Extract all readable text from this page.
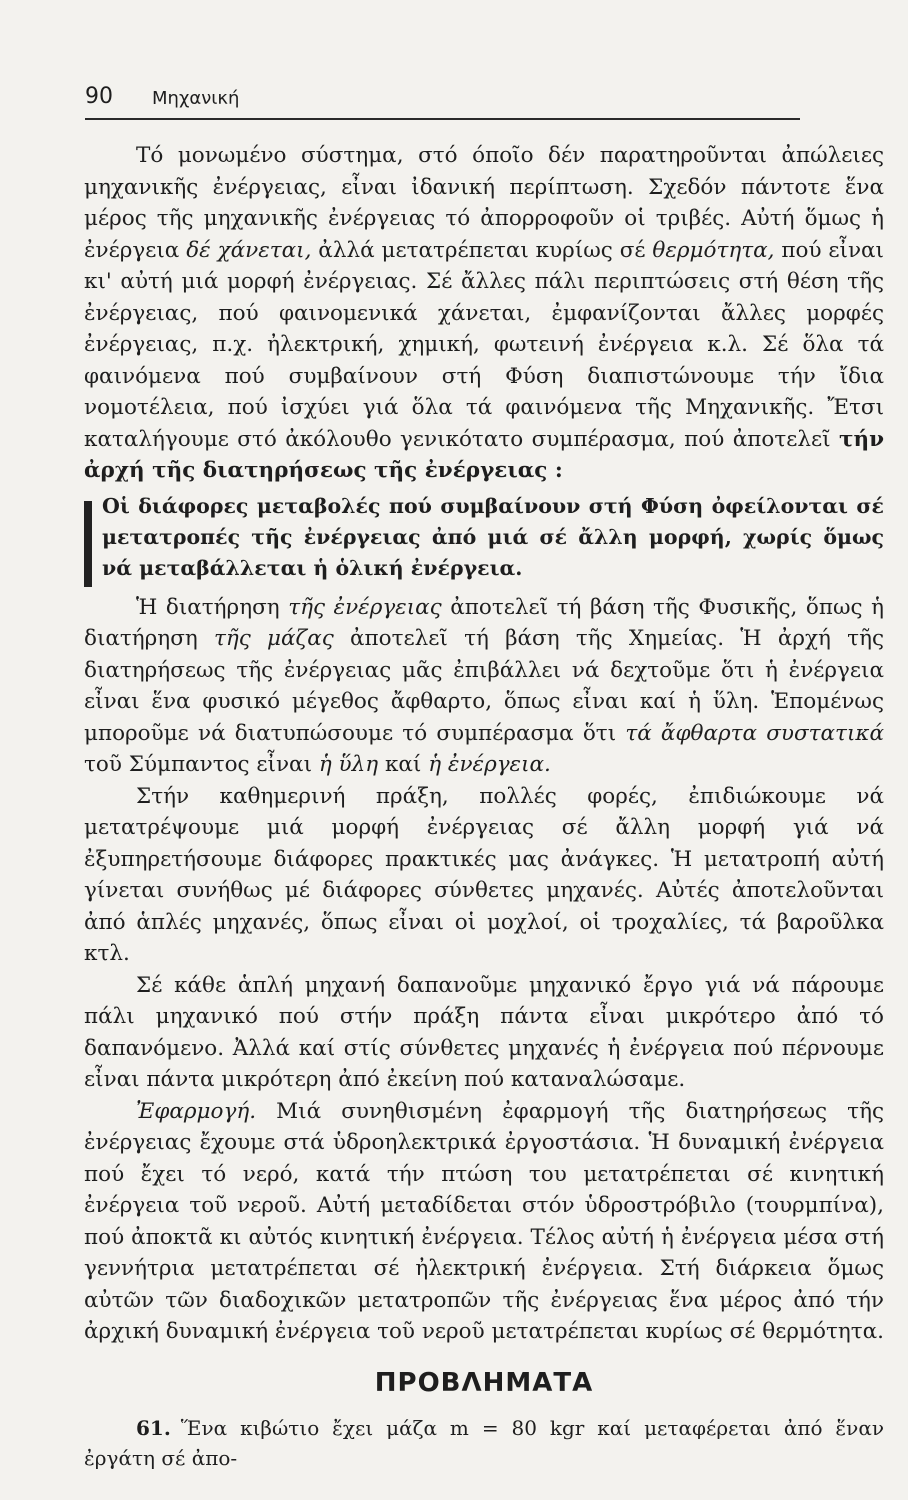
90 Μηχανική

Τό μονωμένο σύστημα, στό όποῖο δέν παρατηροῦνται ἀπώλειες μηχανικῆς ἐνέργειας, εἶναι ἰδανική περίπτωση. Σχεδόν πάντοτε ἕνα μέρος τῆς μηχανικῆς ἐνέργειας τό ἀπορροφοῦν οἱ τριβές. Αὐτή ὅμως ἡ ἐνέργεια δέ χάνεται, ἀλλά μετατρέπεται κυρίως σέ θερμότητα, πού εἶναι κι' αὐτή μιά μορφή ἐνέργειας. Σέ ἄλλες πάλι περιπτώσεις στή θέση τῆς ἐνέργειας, πού φαινομενικά χάνεται, ἐμφανίζονται ἄλλες μορφές ἐνέργειας, π.χ. ἠλεκτρική, χημική, φωτεινή ἐνέργεια κ.λ. Σέ ὅλα τά φαινόμενα πού συμβαίνουν στή Φύση διαπιστώνουμε τήν ἴδια νομοτέλεια, πού ἰσχύει γιά ὅλα τά φαινόμενα τῆς Μηχανικῆς. Ἔτσι καταλήγουμε στό ἀκόλουθο γενικότατο συμπέρασμα, πού ἀποτελεῖ τήν ἀρχή τῆς διατηρήσεως τῆς ἐνέργειας :

Οἱ διάφορες μεταβολές πού συμβαίνουν στή Φύση ὀφείλονται σέ μετατροπές τῆς ἐνέργειας ἀπό μιά σέ ἄλλη μορφή, χωρίς ὅμως νά μεταβάλλεται ἡ ὁλική ἐνέργεια.

Ἡ διατήρηση τῆς ἐνέργειας ἀποτελεῖ τή βάση τῆς Φυσικῆς, ὅπως ἡ διατήρηση τῆς μάζας ἀποτελεῖ τή βάση τῆς Χημείας. Ἡ ἀρχή τῆς διατηρήσεως τῆς ἐνέργειας μᾶς ἐπιβάλλει νά δεχτοῦμε ὅτι ἡ ἐνέργεια εἶναι ἕνα φυσικό μέγεθος ἄφθαρτο, ὅπως εἶναι καί ἡ ὕλη. Ἑπομένως μποροῦμε νά διατυπώσουμε τό συμπέρασμα ὅτι τά ἄφθαρτα συστατικά τοῦ Σύμπαντος εἶναι ἡ ὕλη καί ἡ ἐνέργεια.

Στήν καθημερινή πράξη, πολλές φορές, ἐπιδιώκουμε νά μετατρέψουμε μιά μορφή ἐνέργειας σέ ἄλλη μορφή γιά νά ἐξυπηρετήσουμε διάφορες πρακτικές μας ἀνάγκες. Ἡ μετατροπή αὐτή γίνεται συνήθως μέ διάφορες σύνθετες μηχανές. Αὐτές ἀποτελοῦνται ἀπό ἁπλές μηχανές, ὅπως εἶναι οἱ μοχλοί, οἱ τροχαλίες, τά βαροῦλκα κτλ.

Σέ κάθε ἁπλή μηχανή δαπανοῦμε μηχανικό ἔργο γιά νά πάρουμε πάλι μηχανικό πού στήν πράξη πάντα εἶναι μικρότερο ἀπό τό δαπανόμενο. Ἀλλά καί στίς σύνθετες μηχανές ἡ ἐνέργεια πού πέρνουμε εἶναι πάντα μικρότερη ἀπό ἐκείνη πού καταναλώσαμε.

Ἐφαρμογή. Μιά συνηθισμένη ἐφαρμογή τῆς διατηρήσεως τῆς ἐνέργειας ἔχουμε στά ὑδροηλεκτρικά ἐργοστάσια. Ἡ δυναμική ἐνέργεια πού ἔχει τό νερό, κατά τήν πτώση του μετατρέπεται σέ κινητική ἐνέργεια τοῦ νεροῦ. Αὐτή μεταδίδεται στόν ὑδροστρόβιλο (τουρμπίνα), πού ἀποκτᾶ κι αὐτός κινητική ἐνέργεια. Τέλος αὐτή ἡ ἐνέργεια μέσα στή γεννήτρια μετατρέπεται σέ ἠλεκτρική ἐνέργεια. Στή διάρκεια ὅμως αὐτῶν τῶν διαδοχικῶν μετατροπῶν τῆς ἐνέργειας ἕνα μέρος ἀπό τήν ἀρχική δυναμική ἐνέργεια τοῦ νεροῦ μετατρέπεται κυρίως σέ θερμότητα.

ΠΡΟΒΛΗΜΑΤΑ

61. Ἕνα κιβώτιο ἔχει μάζα m = 80 kgr καί μεταφέρεται ἀπό ἕναν ἐργάτη σέ ἀπο-
